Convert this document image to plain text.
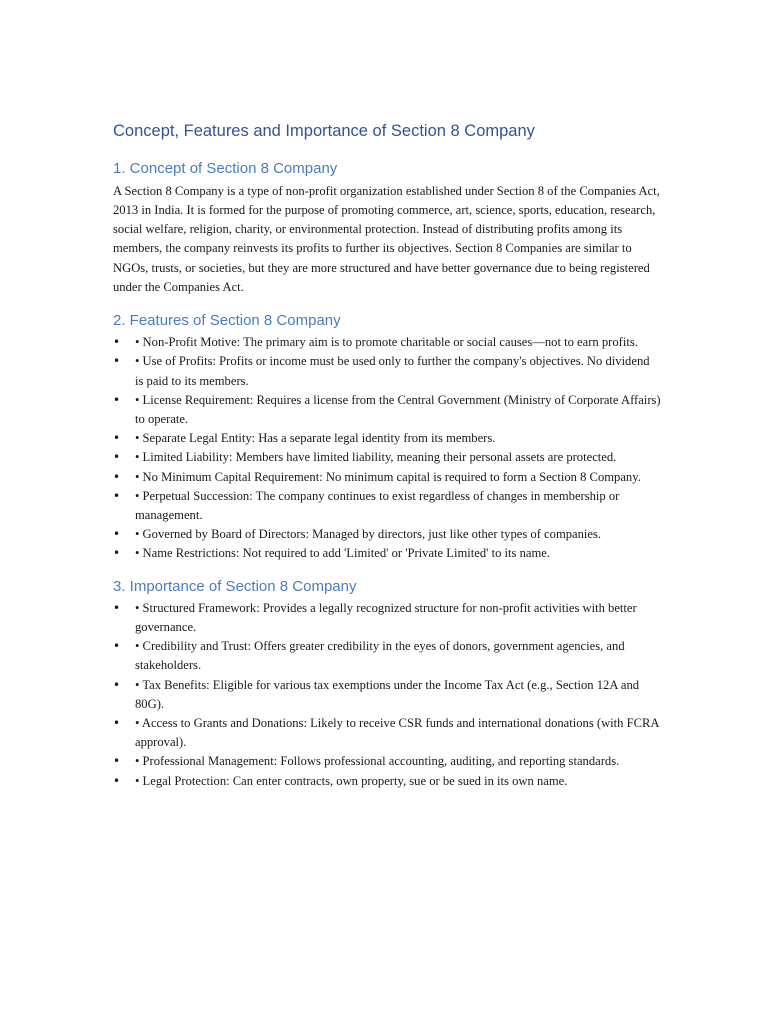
Concept, Features and Importance of Section 8 Company
1. Concept of Section 8 Company

A Section 8 Company is a type of non-profit organization established under Section 8 of the Companies Act, 2013 in India. It is formed for the purpose of promoting commerce, art, science, sports, education, research, social welfare, religion, charity, or environmental protection. Instead of distributing profits among its members, the company reinvests its profits to further its objectives. Section 8 Companies are similar to NGOs, trusts, or societies, but they are more structured and have better governance due to being registered under the Companies Act.

2. Features of Section 8 Company
• • Non-Profit Motive: The primary aim is to promote charitable or social causes—not to earn profits.
• • Use of Profits: Profits or income must be used only to further the company's objectives. No dividend is paid to its members.
• • License Requirement: Requires a license from the Central Government (Ministry of Corporate Affairs) to operate.
• • Separate Legal Entity: Has a separate legal identity from its members.
• • Limited Liability: Members have limited liability, meaning their personal assets are protected.
• • No Minimum Capital Requirement: No minimum capital is required to form a Section 8 Company.
• • Perpetual Succession: The company continues to exist regardless of changes in membership or management.
• • Governed by Board of Directors: Managed by directors, just like other types of companies.
• • Name Restrictions: Not required to add 'Limited' or 'Private Limited' to its name.
3. Importance of Section 8 Company
• • Structured Framework: Provides a legally recognized structure for non-profit activities with better governance.
• • Credibility and Trust: Offers greater credibility in the eyes of donors, government agencies, and stakeholders.
• • Tax Benefits: Eligible for various tax exemptions under the Income Tax Act (e.g., Section 12A and 80G).
• • Access to Grants and Donations: Likely to receive CSR funds and international donations (with FCRA approval).
• • Professional Management: Follows professional accounting, auditing, and reporting standards.
• • Legal Protection: Can enter contracts, own property, sue or be sued in its own name.
